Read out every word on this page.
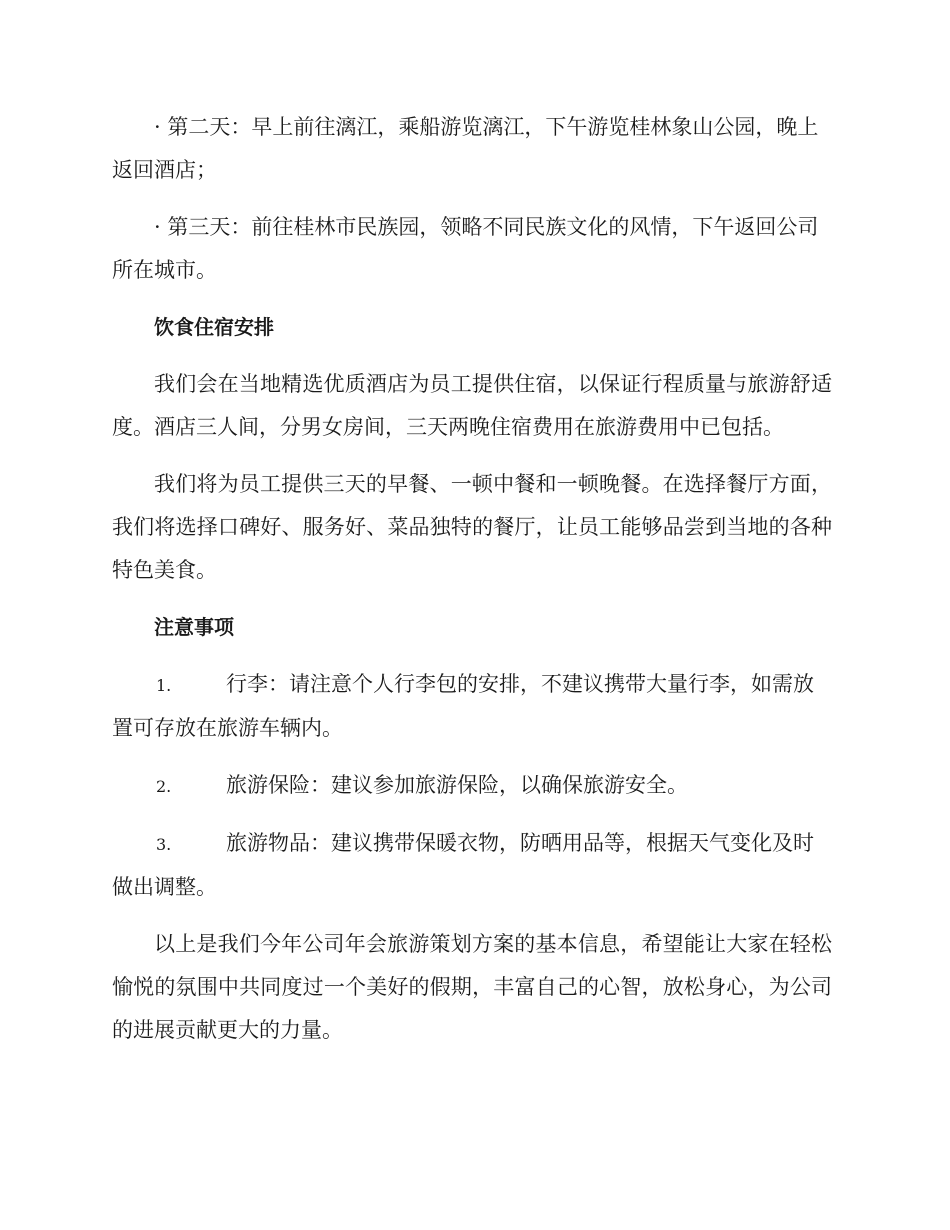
· 第二天：早上前往漓江，乘船游览漓江，下午游览桂林象山公园，晚上返回酒店；

· 第三天：前往桂林市民族园，领略不同民族文化的风情，下午返回公司所在城市。

饮食住宿安排

我们会在当地精选优质酒店为员工提供住宿，以保证行程质量与旅游舒适度。酒店三人间，分男女房间，三天两晚住宿费用在旅游费用中已包括。

我们将为员工提供三天的早餐、一顿中餐和一顿晚餐。在选择餐厅方面，我们将选择口碑好、服务好、菜品独特的餐厅，让员工能够品尝到当地的各种特色美食。

注意事项
1.	行李：请注意个人行李包的安排，不建议携带大量行李，如需放置可存放在旅游车辆内。
2.	旅游保险：建议参加旅游保险，以确保旅游安全。
3.	旅游物品：建议携带保暖衣物，防晒用品等，根据天气变化及时做出调整。

以上是我们今年公司年会旅游策划方案的基本信息，希望能让大家在轻松愉悦的氛围中共同度过一个美好的假期，丰富自己的心智，放松身心，为公司的进展贡献更大的力量。
